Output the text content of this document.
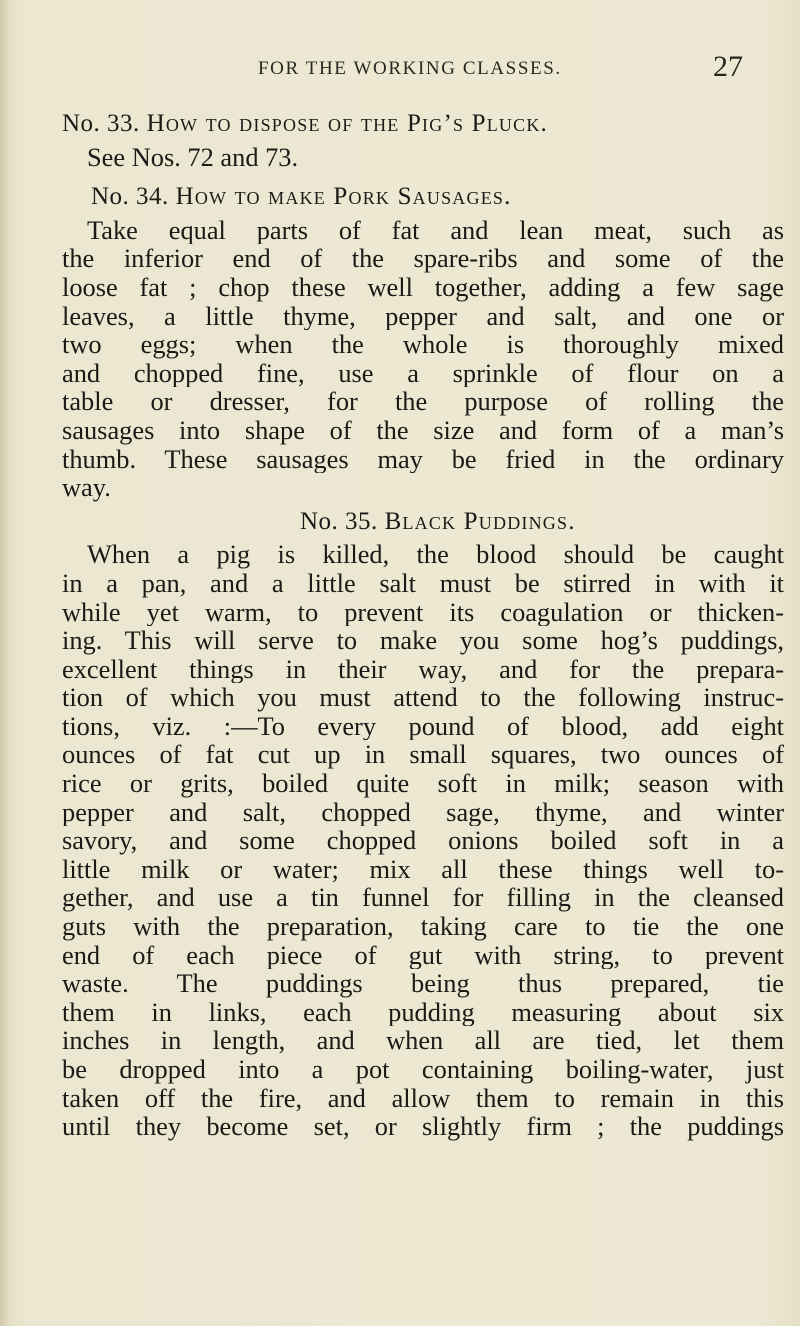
FOR THE WORKING CLASSES.	27
No. 33. How to dispose of the Pig’s Pluck.
See Nos. 72 and 73.
No. 34. How to make Pork Sausages.
Take equal parts of fat and lean meat, such as
the inferior end of the spare-ribs and some of the
loose fat ; chop these well together, adding a few sage
leaves, a little thyme, pepper and salt, and one or
two eggs; when the whole is thoroughly mixed
and chopped fine, use a sprinkle of flour on a
table or dresser, for the purpose of rolling the
sausages into shape of the size and form of a man’s
thumb. These sausages may be fried in the ordinary
way.
No. 35. Black Puddings.
When a pig is killed, the blood should be caught
in a pan, and a little salt must be stirred in with it
while yet warm, to prevent its coagulation or thicken-
ing. This will serve to make you some hog’s puddings,
excellent things in their way, and for the prepara-
tion of which you must attend to the following instruc-
tions, viz. :—To every pound of blood, add eight
ounces of fat cut up in small squares, two ounces of
rice or grits, boiled quite soft in milk; season with
pepper and salt, chopped sage, thyme, and winter
savory, and some chopped onions boiled soft in a
little milk or water; mix all these things well to-
gether, and use a tin funnel for filling in the cleansed
guts with the preparation, taking care to tie the one
end of each piece of gut with string, to prevent
waste. The puddings being thus prepared, tie
them in links, each pudding measuring about six
inches in length, and when all are tied, let them
be dropped into a pot containing boiling-water, just
taken off the fire, and allow them to remain in this
until they become set, or slightly firm ; the puddings
